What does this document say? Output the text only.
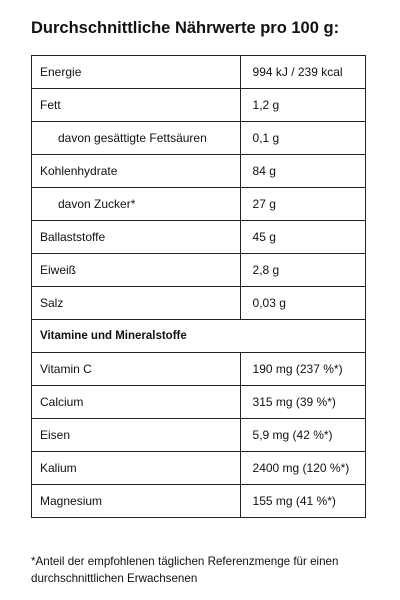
Durchschnittliche Nährwerte pro 100 g:
Energie	994 kJ / 239 kcal
Fett	1,2 g
davon gesättigte Fettsäuren	0,1 g
Kohlenhydrate	84 g
davon Zucker*	27 g
Ballaststoffe	45 g
Eiweiß	2,8 g
Salz	0,03 g
Vitamine und Mineralstoffe	
Vitamin C	190 mg (237 %*)
Calcium	315 mg (39 %*)
Eisen	5,9 mg (42 %*)
Kalium	2400 mg (120 %*)
Magnesium	155 mg (41 %*)

*Anteil der empfohlenen täglichen Referenzmenge für einen durchschnittlichen Erwachsenen
